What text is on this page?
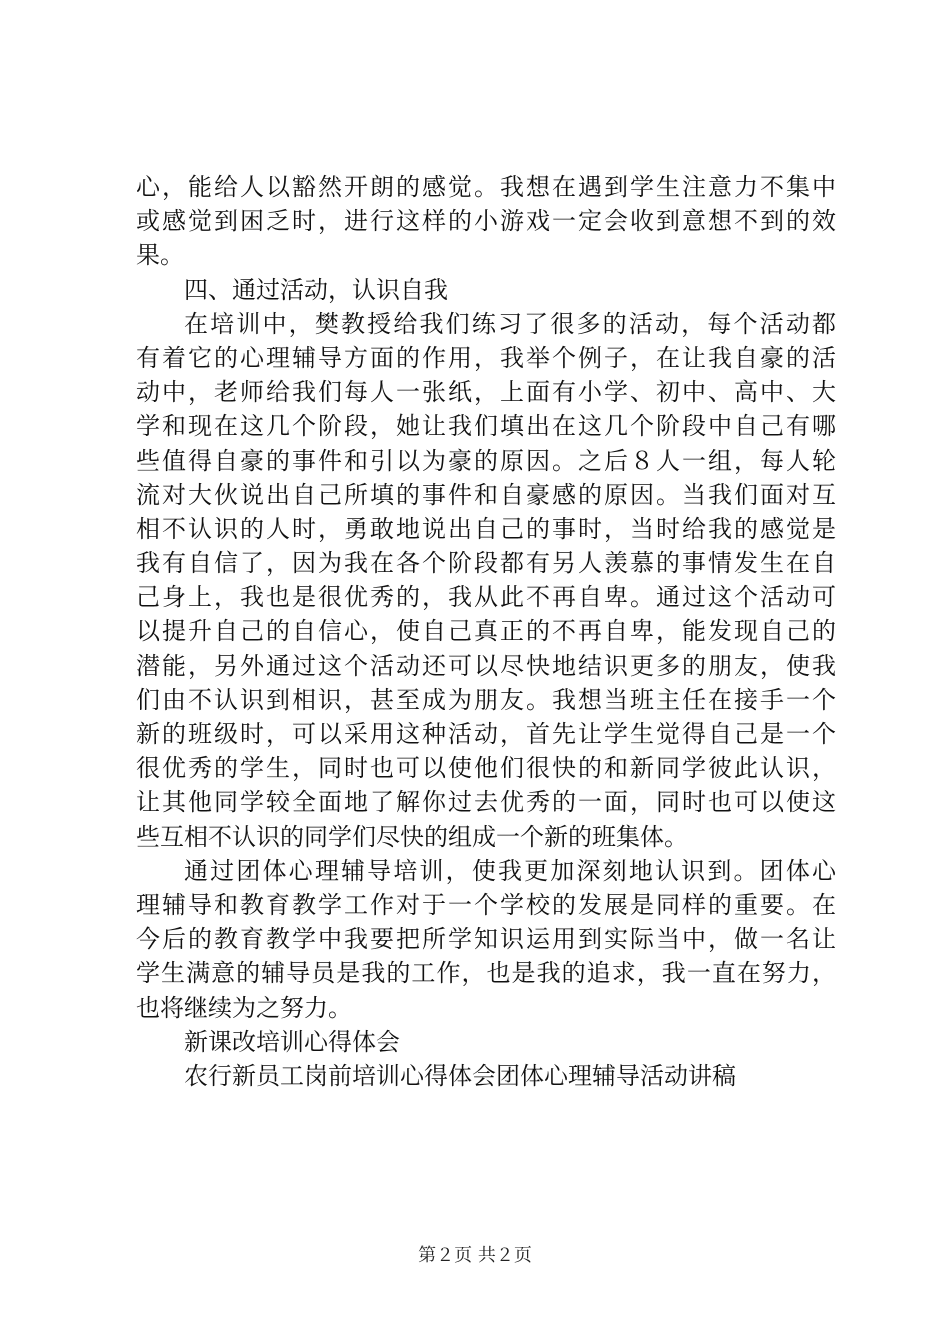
心，能给人以豁然开朗的感觉。我想在遇到学生注意力不集中
或感觉到困乏时，进行这样的小游戏一定会收到意想不到的效
果。
四、通过活动，认识自我
在培训中，樊教授给我们练习了很多的活动，每个活动都
有着它的心理辅导方面的作用，我举个例子，在让我自豪的活
动中，老师给我们每人一张纸，上面有小学、初中、高中、大
学和现在这几个阶段，她让我们填出在这几个阶段中自己有哪
些值得自豪的事件和引以为豪的原因。之后８人一组，每人轮
流对大伙说出自己所填的事件和自豪感的原因。当我们面对互
相不认识的人时，勇敢地说出自己的事时，当时给我的感觉是
我有自信了，因为我在各个阶段都有另人羡慕的事情发生在自
己身上，我也是很优秀的，我从此不再自卑。通过这个活动可
以提升自己的自信心，使自己真正的不再自卑，能发现自己的
潜能，另外通过这个活动还可以尽快地结识更多的朋友，使我
们由不认识到相识，甚至成为朋友。我想当班主任在接手一个
新的班级时，可以采用这种活动，首先让学生觉得自己是一个
很优秀的学生，同时也可以使他们很快的和新同学彼此认识，
让其他同学较全面地了解你过去优秀的一面，同时也可以使这
些互相不认识的同学们尽快的组成一个新的班集体。
通过团体心理辅导培训，使我更加深刻地认识到。团体心
理辅导和教育教学工作对于一个学校的发展是同样的重要。在
今后的教育教学中我要把所学知识运用到实际当中，做一名让
学生满意的辅导员是我的工作，也是我的追求，我一直在努力，
也将继续为之努力。
新课改培训心得体会
农行新员工岗前培训心得体会团体心理辅导活动讲稿
第２页 共２页
